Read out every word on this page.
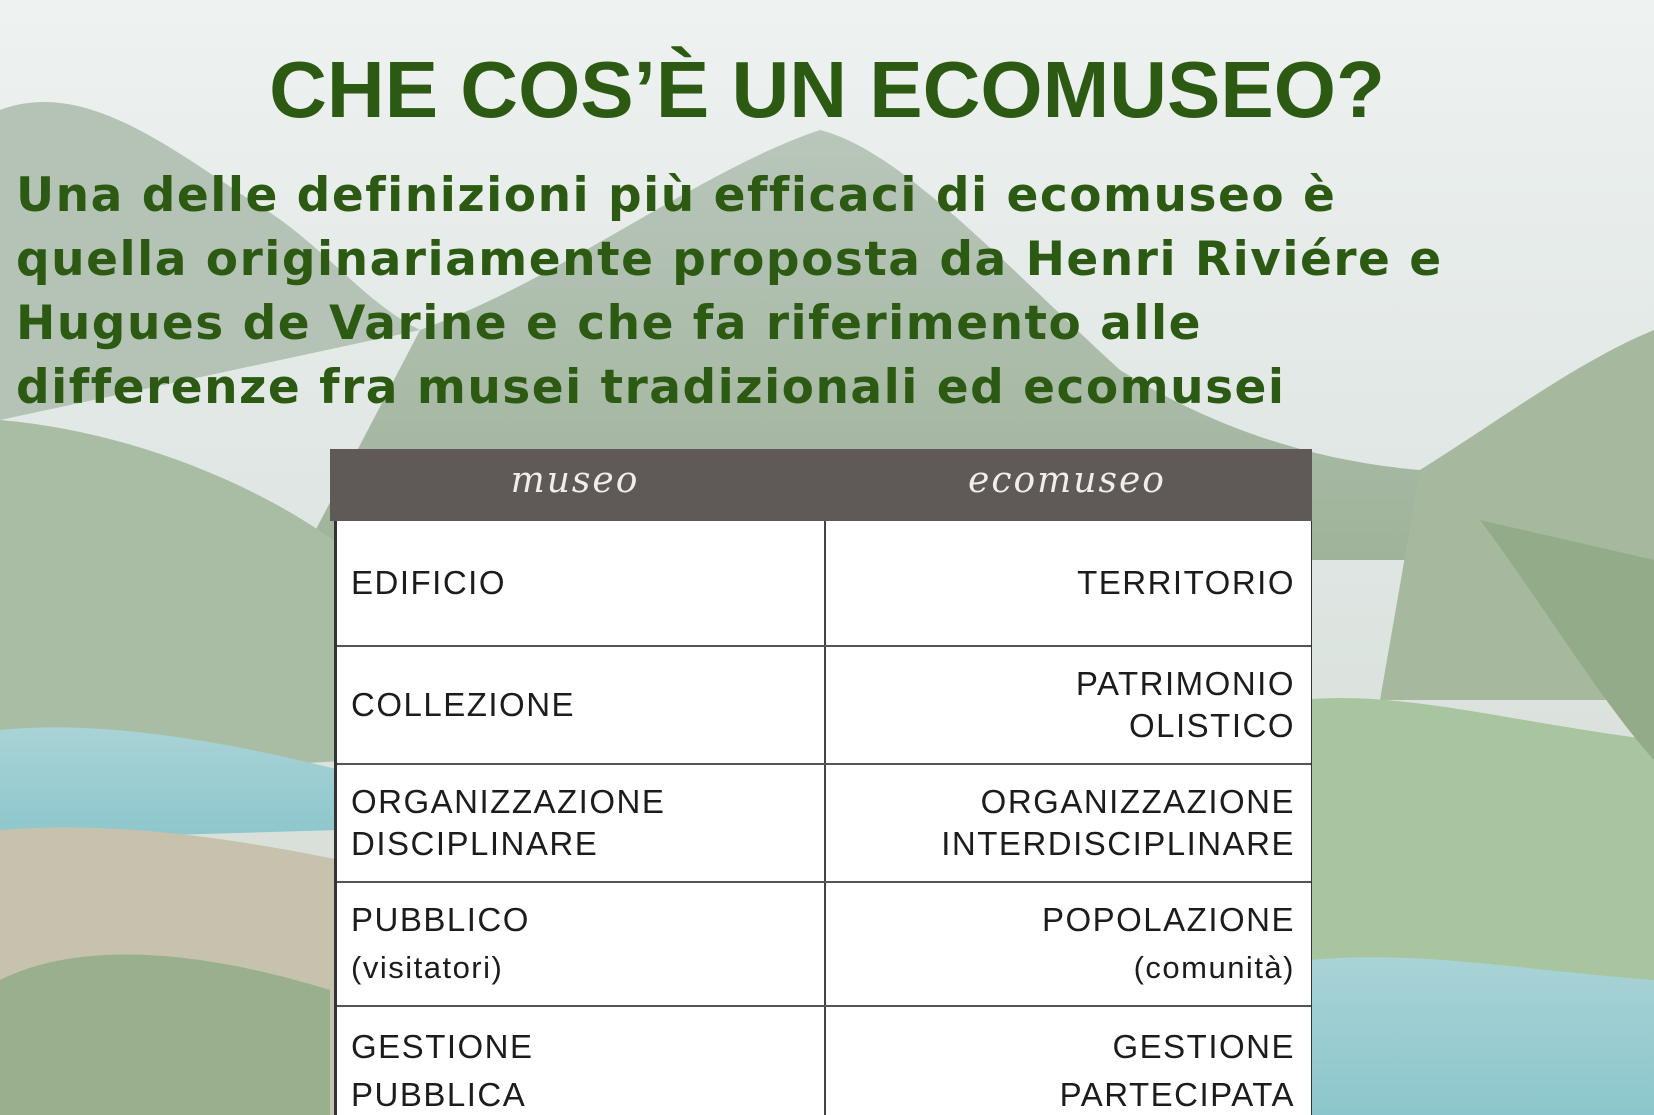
CHE COS’È UN ECOMUSEO?

Una delle definizioni più efficaci di ecomuseo è
quella originariamente proposta da Henri Riviére e
Hugues de Varine e che fa riferimento alle
differenze fra musei tradizionali ed ecomusei

museo	ecomuseo
EDIFICIO	TERRITORIO
COLLEZIONE
PATRIMONIO
OLISTICO
ORGANIZZAZIONE
DISCIPLINARE
ORGANIZZAZIONE
INTERDISCIPLINARE
PUBBLICO
(visitatori)
POPOLAZIONE
(comunità)
GESTIONE
PUBBLICA
GESTIONE
PARTECIPATA
